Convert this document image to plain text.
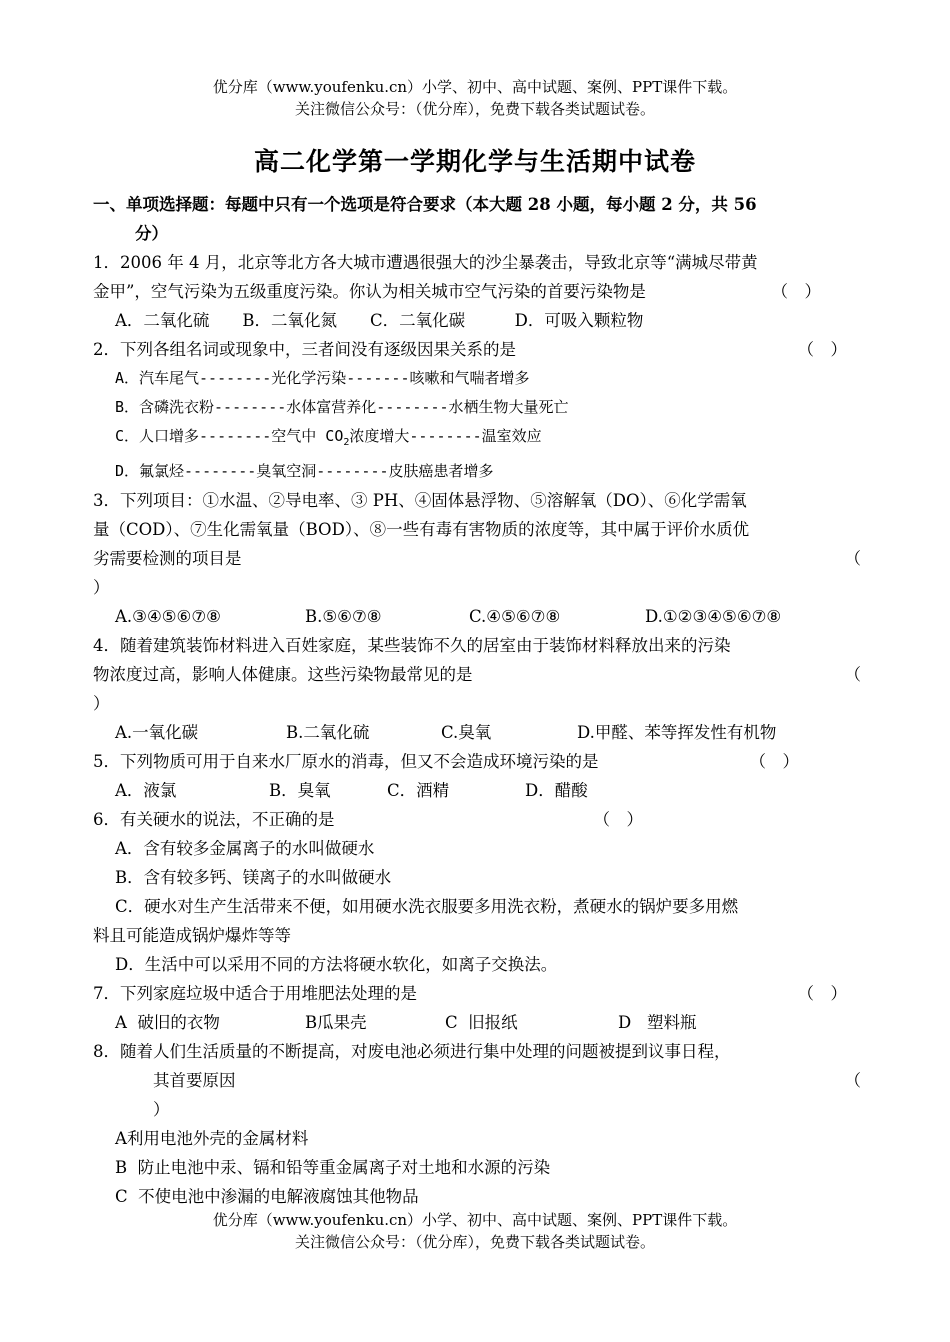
优分库（www.youfenku.cn）小学、初中、高中试题、案例、PPT课件下载。
关注微信公众号：（优分库），免费下载各类试题试卷。
高二化学第一学期化学与生活期中试卷
一、单项选择题：每题中只有一个选项是符合要求（本大题 28 小题，每小题 2 分，共 56
分）
1．2006 年 4 月，北京等北方各大城市遭遇很强大的沙尘暴袭击，导致北京等“满城尽带黄
金甲”，空气污染为五级重度污染。你认为相关城市空气污染的首要污染物是	（　）
A．二氧化硫　　B．二氧化氮　　C．二氧化碳　　　D．可吸入颗粒物
2．下列各组名词或现象中，三者间没有逐级因果关系的是	（　）
A．汽车尾气--------光化学污染-------咳嗽和气喘者增多
B．含磷洗衣粉--------水体富营养化--------水栖生物大量死亡
C．人口增多--------空气中 $CO_2$浓度增大--------温室效应
D．氟氯烃--------臭氧空洞--------皮肤癌患者增多
3．下列项目：①水温、②导电率、③ PH、④固体悬浮物、⑤溶解氧（DO）、⑥化学需氧
量（COD）、⑦生化需氧量（BOD）、⑧一些有毒有害物质的浓度等，其中属于评价水质优
劣需要检测的项目是	（
）
A.③④⑤⑥⑦⑧	B.⑤⑥⑦⑧	C.④⑤⑥⑦⑧	D.①②③④⑤⑥⑦⑧
4．随着建筑装饰材料进入百姓家庭，某些装饰不久的居室由于装饰材料释放出来的污染
物浓度过高，影响人体健康。这些污染物最常见的是	（
）
A.一氧化碳	B.二氧化硫	C.臭氧	D.甲醛、苯等挥发性有机物
5．下列物质可用于自来水厂原水的消毒，但又不会造成环境污染的是	（　）
A．液氯	B．臭氧	C．酒精	D．醋酸
6．有关硬水的说法，不正确的是	（　）
A．含有较多金属离子的水叫做硬水
B．含有较多钙、镁离子的水叫做硬水
C．硬水对生产生活带来不便，如用硬水洗衣服要多用洗衣粉，煮硬水的锅炉要多用燃
料且可能造成锅炉爆炸等等
D．生活中可以采用不同的方法将硬水软化，如离子交换法。
7．下列家庭垃圾中适合于用堆肥法处理的是	（　）
A  破旧的衣物	B瓜果壳	C  旧报纸	D   塑料瓶
8．随着人们生活质量的不断提高，对废电池必须进行集中处理的问题被提到议事日程，
其首要原因	（
）
A利用电池外壳的金属材料
B  防止电池中汞、镉和铅等重金属离子对土地和水源的污染
C  不使电池中渗漏的电解液腐蚀其他物品
优分库（www.youfenku.cn）小学、初中、高中试题、案例、PPT课件下载。
关注微信公众号：（优分库），免费下载各类试题试卷。
